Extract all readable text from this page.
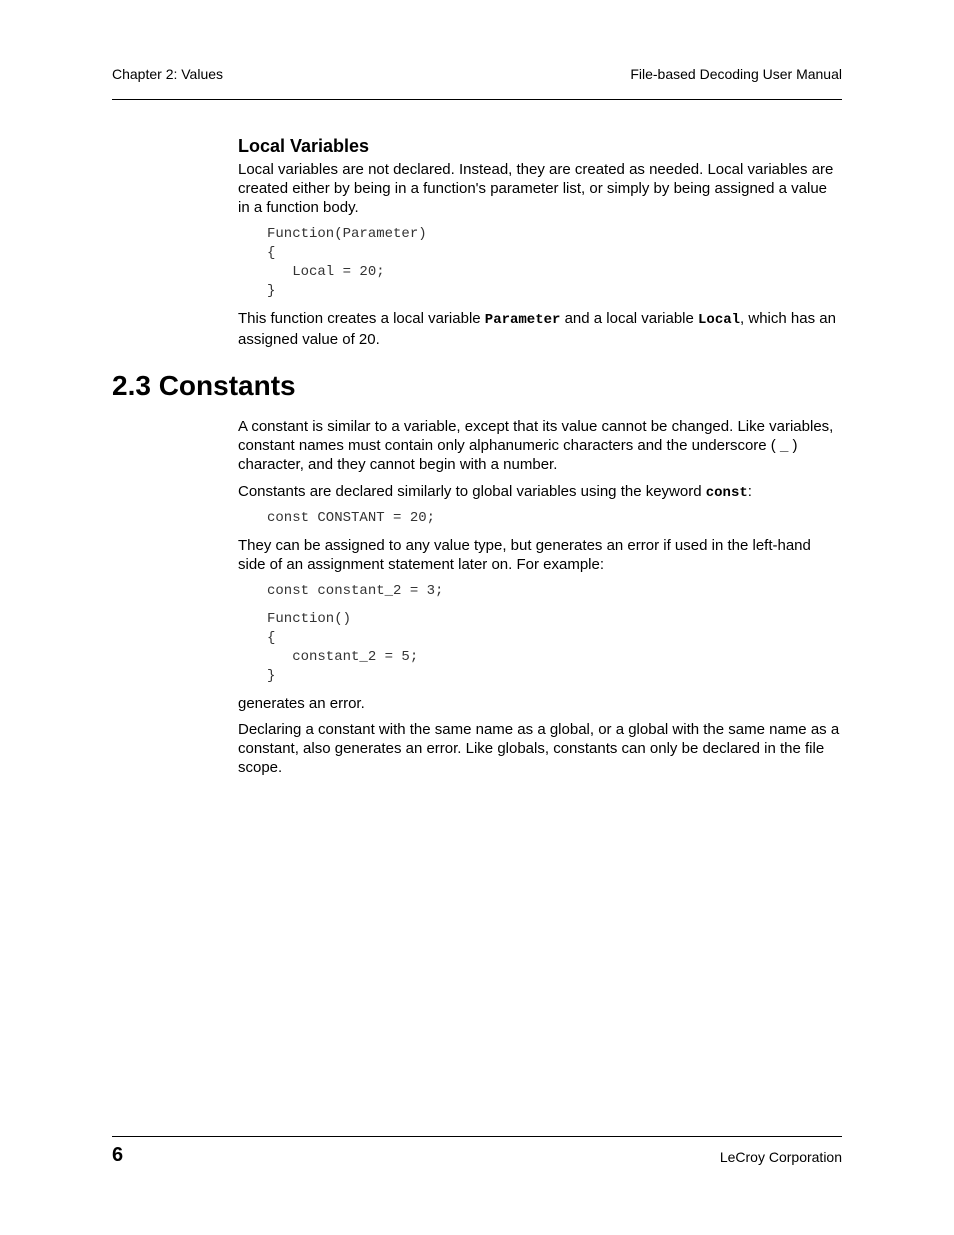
Chapter 2: Values	File-based Decoding User Manual
Local Variables

Local variables are not declared. Instead, they are created as needed. Local variables are created either by being in a function's parameter list, or simply by being assigned a value in a function body.

Function(Parameter)
{
Local = 20;
}

This function creates a local variable Parameter and a local variable Local, which has an assigned value of 20.

2.3 Constants

A constant is similar to a variable, except that its value cannot be changed. Like variables, constant names must contain only alphanumeric characters and the underscore ( _ ) character, and they cannot begin with a number.

Constants are declared similarly to global variables using the keyword const:

const CONSTANT = 20;

They can be assigned to any value type, but generates an error if used in the left-hand side of an assignment statement later on. For example:

const constant_2 = 3;
Function()
{
constant_2 = 5;
}

generates an error.

Declaring a constant with the same name as a global, or a global with the same name as a constant, also generates an error. Like globals, constants can only be declared in the file scope.

6	LeCroy Corporation
